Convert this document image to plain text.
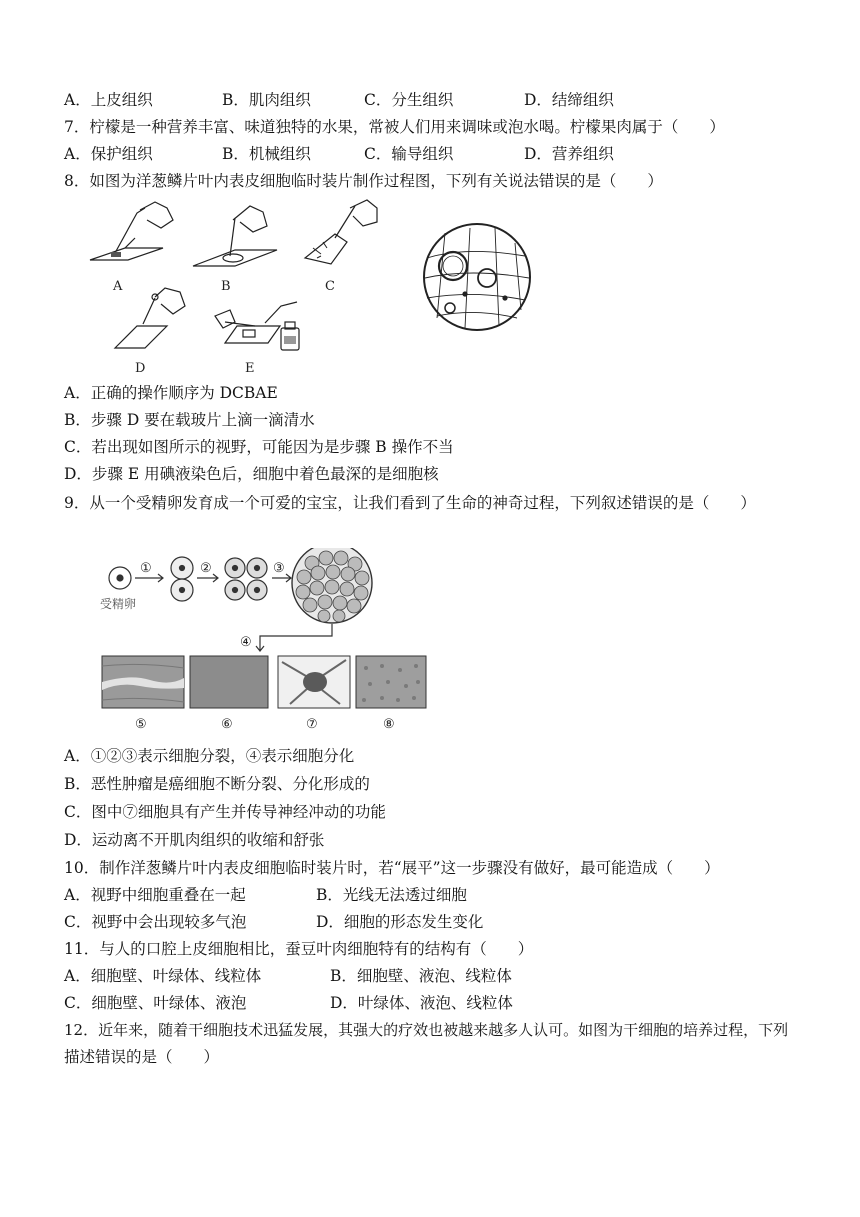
A．上皮组织	B．肌肉组织	C．分生组织	D．结缔组织
7．柠檬是一种营养丰富、味道独特的水果，常被人们用来调味或泡水喝。柠檬果肉属于（　　）
A．保护组织	B．机械组织	C．输导组织	D．营养组织
8．如图为洋葱鳞片叶内表皮细胞临时装片制作过程图，下列有关说法错误的是（　　）
A	B	C
D	E
A．正确的操作顺序为 DCBAE
B．步骤 D 要在载玻片上滴一滴清水
C．若出现如图所示的视野，可能因为是步骤 B 操作不当
D．步骤 E 用碘液染色后，细胞中着色最深的是细胞核
9．从一个受精卵发育成一个可爱的宝宝，让我们看到了生命的神奇过程，下列叙述错误的是（　　）
受精卵
①	②	③
④
⑤	⑥	⑦	⑧
A．①②③表示细胞分裂，④表示细胞分化
B．恶性肿瘤是癌细胞不断分裂、分化形成的
C．图中⑦细胞具有产生并传导神经冲动的功能
D．运动离不开肌肉组织的收缩和舒张
10．制作洋葱鳞片叶内表皮细胞临时装片时，若“展平”这一步骤没有做好，最可能造成（　　）
A．视野中细胞重叠在一起	B．光线无法透过细胞
C．视野中会出现较多气泡	D．细胞的形态发生变化
11．与人的口腔上皮细胞相比，蚕豆叶肉细胞特有的结构有（　　）
A．细胞壁、叶绿体、线粒体	B．细胞壁、液泡、线粒体
C．细胞壁、叶绿体、液泡	D．叶绿体、液泡、线粒体
12．近年来，随着干细胞技术迅猛发展，其强大的疗效也被越来越多人认可。如图为干细胞的培养过程，下列
描述错误的是（　　）
